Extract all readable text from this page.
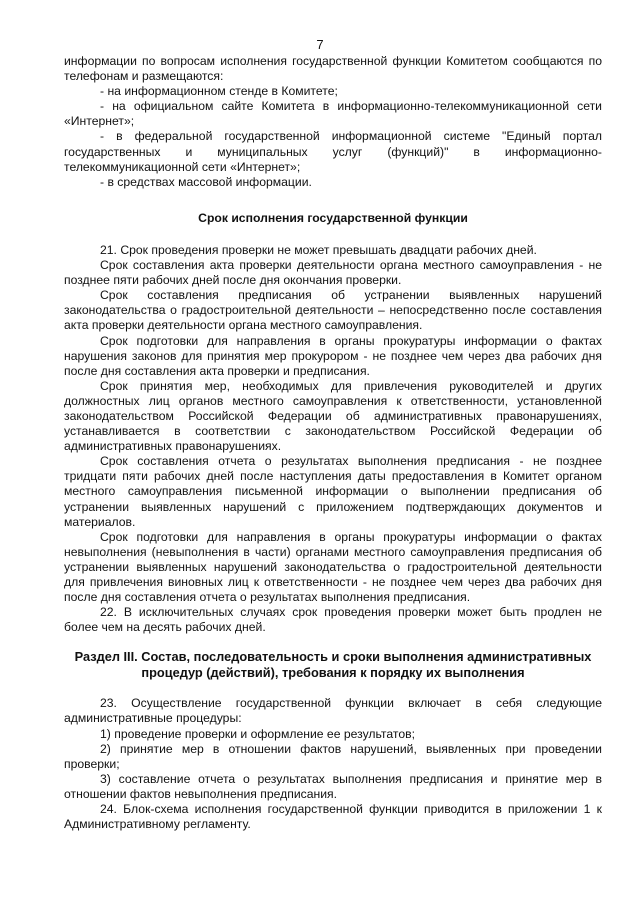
7

информации по вопросам исполнения государственной функции Комитетом сообщаются по телефонам и размещаются:

- на информационном стенде в Комитете;

- на официальном сайте Комитета в информационно-телекоммуникационной сети «Интернет»;

- в федеральной государственной информационной системе "Единый портал государственных и муниципальных услуг (функций)" в информационно-телекоммуникационной сети «Интернет»;

- в средствах массовой информации.

Срок исполнения государственной функции

21. Срок проведения проверки не может превышать двадцати рабочих дней.

Срок составления акта проверки деятельности органа местного самоуправления - не позднее пяти рабочих дней после дня окончания проверки.

Срок составления предписания об устранении выявленных нарушений законодательства о градостроительной деятельности – непосредственно после составления акта проверки деятельности органа местного самоуправления.

Срок подготовки для направления в органы прокуратуры информации о фактах нарушения законов для принятия мер прокурором - не позднее чем через два рабочих дня после дня составления акта проверки и предписания.

Срок принятия мер, необходимых для привлечения руководителей и других должностных лиц органов местного самоуправления к ответственности, установленной законодательством Российской Федерации об административных правонарушениях, устанавливается в соответствии с законодательством Российской Федерации об административных правонарушениях.

Срок составления отчета о результатах выполнения предписания - не позднее тридцати пяти рабочих дней после наступления даты предоставления в Комитет органом местного самоуправления письменной информации о выполнении предписания об устранении выявленных нарушений с приложением подтверждающих документов и материалов.

Срок подготовки для направления в органы прокуратуры информации о фактах невыполнения (невыполнения в части) органами местного самоуправления предписания об устранении выявленных нарушений законодательства о градостроительной деятельности для привлечения виновных лиц к ответственности - не позднее чем через два рабочих дня после дня составления отчета о результатах выполнения предписания.

22. В исключительных случаях срок проведения проверки может быть продлен не более чем на десять рабочих дней.

Раздел III. Состав, последовательность и сроки выполнения административных процедур (действий), требования к порядку их выполнения

23. Осуществление государственной функции включает в себя следующие административные процедуры:

1) проведение проверки и оформление ее результатов;

2) принятие мер в отношении фактов нарушений, выявленных при проведении проверки;

3) составление отчета о результатах выполнения предписания и принятие мер в отношении фактов невыполнения предписания.

24. Блок-схема исполнения государственной функции приводится в приложении 1 к Административному регламенту.
